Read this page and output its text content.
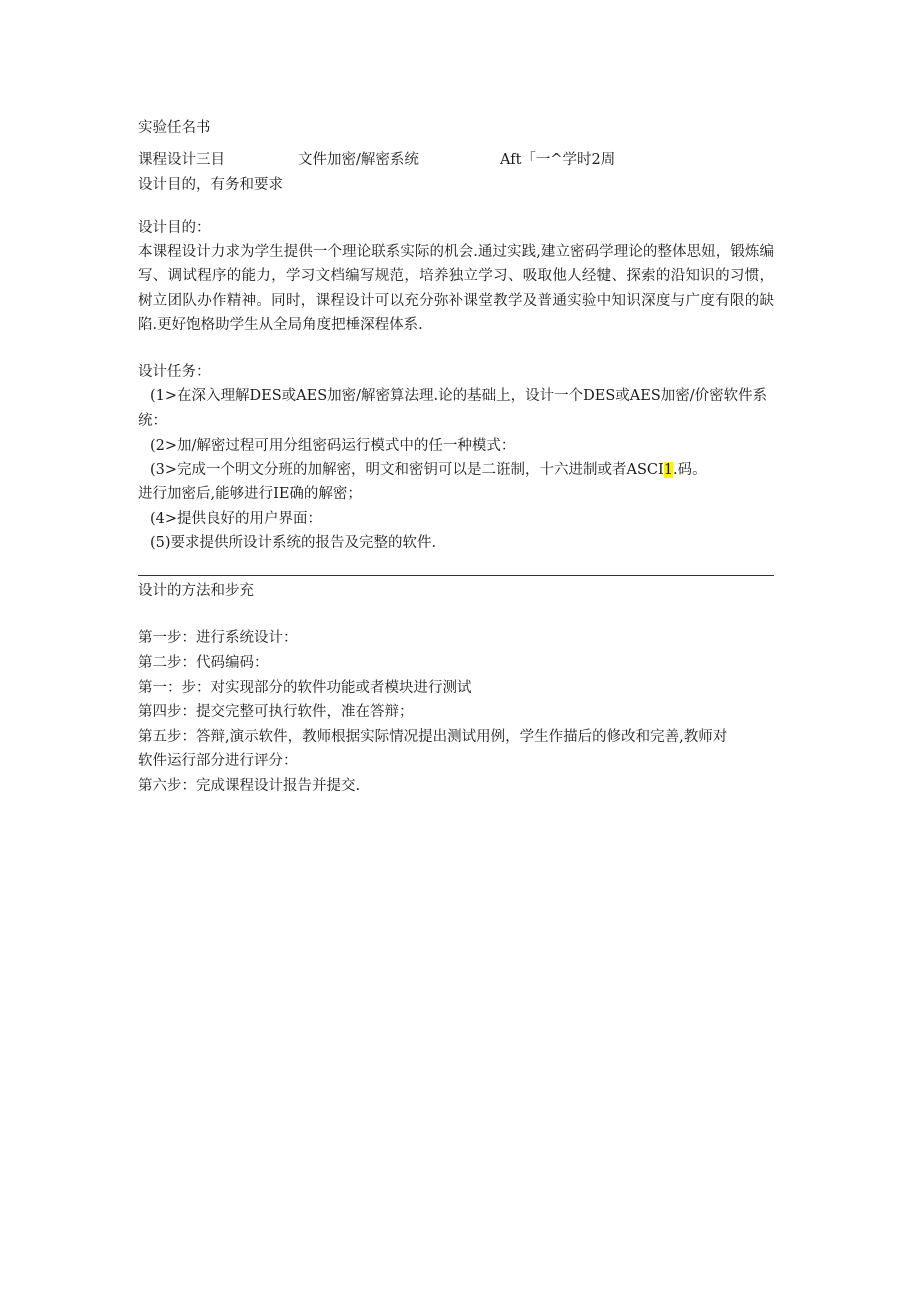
实验任名书
课程设计三目	文件加密/解密系统	Aft「一^学时2周
设计目的，有务和要求
设计目的：
本课程设计力求为学生提供一个理论联系实际的机会.通过实践,建立密码学理论的整体思妞，锻炼编写、调试程序的能力，学习文档编写规范，培养独立学习、吸取他人经犍、探索的沿知识的习惯，树立团队办作精神。同时，课程设计可以充分弥补课堂教学及普通实验中知识深度与广度有限的缺陷.更好饱格助学生从全局角度把棰深程体系.
设计任务：
(1>在深入理解DES或AES加密/解密算法理.论的基础上，设计一个DES或AES加密/价密软件系
统：
(2>加/解密过程可用分组密码运行模式中的任一种模式：
(3>完成一个明文分班的加解密，明文和密钥可以是二诳制，十六进制或者ASCI1.码。
进行加密后,能够进行IE确的解密；
(4>提供良好的用户界面：
(5)要求提供所设计系统的报告及完整的软件.
设计的方法和步充
第一步：进行系统设计：
第二步：代码编码：
第一：步：对实现部分的软件功能或者模块进行测试
第四步：提交完整可执行软件，准在答辩；
第五步：答辩,演示软件，教师根据实际情况提出测试用例，学生作描后的修改和完善,教师对
软件运行部分进行评分：
第六步：完成课程设计报告并提交.
